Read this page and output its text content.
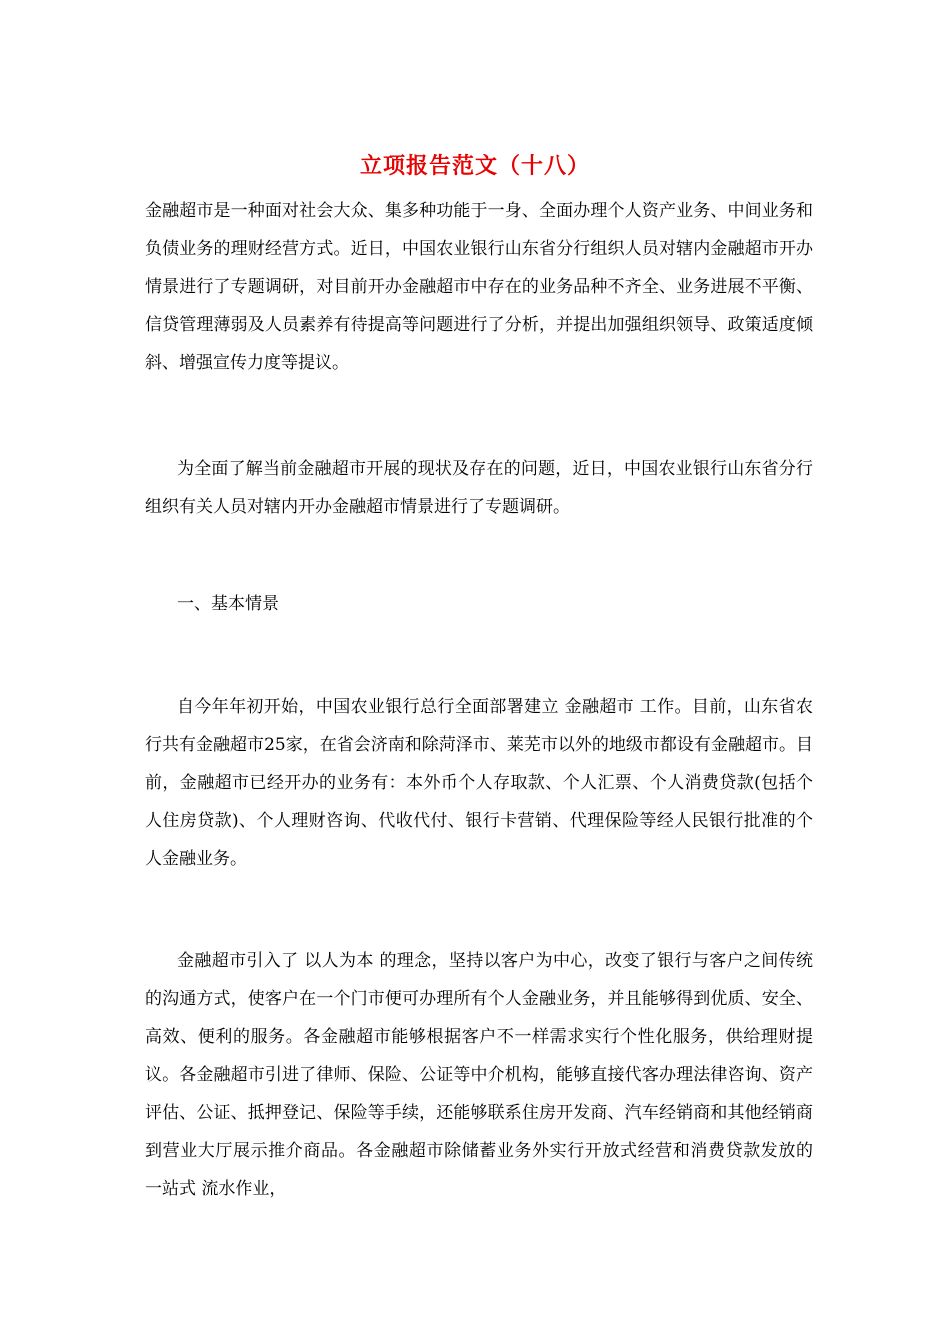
立项报告范文（十八）

金融超市是一种面对社会大众、集多种功能于一身、全面办理个人资产业务、中间业务和负债业务的理财经营方式。近日，中国农业银行山东省分行组织人员对辖内金融超市开办情景进行了专题调研，对目前开办金融超市中存在的业务品种不齐全、业务进展不平衡、信贷管理薄弱及人员素养有待提高等问题进行了分析，并提出加强组织领导、政策适度倾斜、增强宣传力度等提议。

为全面了解当前金融超市开展的现状及存在的问题，近日，中国农业银行山东省分行组织有关人员对辖内开办金融超市情景进行了专题调研。

一、基本情景

自今年年初开始，中国农业银行总行全面部署建立 金融超市 工作。目前，山东省农行共有金融超市25家，在省会济南和除菏泽市、莱芜市以外的地级市都设有金融超市。目前，金融超市已经开办的业务有：本外币个人存取款、个人汇票、个人消费贷款(包括个人住房贷款)、个人理财咨询、代收代付、银行卡营销、代理保险等经人民银行批准的个人金融业务。

金融超市引入了 以人为本 的理念，坚持以客户为中心，改变了银行与客户之间传统的沟通方式，使客户在一个门市便可办理所有个人金融业务，并且能够得到优质、安全、高效、便利的服务。各金融超市能够根据客户不一样需求实行个性化服务，供给理财提议。各金融超市引进了律师、保险、公证等中介机构，能够直接代客办理法律咨询、资产评估、公证、抵押登记、保险等手续，还能够联系住房开发商、汽车经销商和其他经销商到营业大厅展示推介商品。各金融超市除储蓄业务外实行开放式经营和消费贷款发放的 一站式 流水作业，
